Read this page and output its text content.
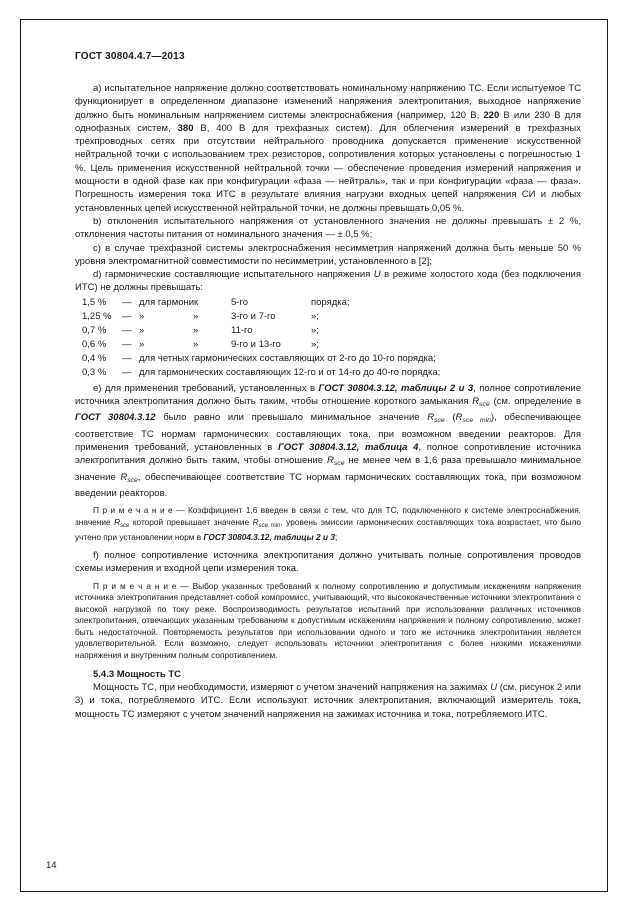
ГОСТ 30804.4.7—2013

а) испытательное напряжение должно соответствовать номинальному напряжению ТС. Если испытуемое ТС функционирует в определенном диапазоне изменений напряжения электропитания, выходное напряжение должно быть номинальным напряжением системы электроснабжения (например, 120 В, 220 В или 230 В для однофазных систем, 380 В, 400 В для трехфазных систем). Для облегчения измерений в трехфазных трехпроводных сетях при отсутствии нейтрального проводника допускается применение искусственной нейтральной точки с использованием трех резисторов, сопротивления которых установлены с погрешностью 1 %. Цель применения искусственной нейтральной точки — обеспечение проведения измерений напряжения и мощности в одной фазе как при конфигурации «фаза — нейтраль», так и при конфигурации «фаза — фаза». Погрешность измерения тока ИТС в результате влияния нагрузки входных цепей напряжения СИ и любых установленных цепей искусственной нейтральной точки, не должны превышать 0,05 %.

b) отклонения испытательного напряжения от установленного значения не должны превышать ± 2 %, отклонения частоты питания от номинального значения — ± 0,5 %;

с) в случае трехфазной системы электроснабжения несимметрия напряжений должна быть меньше 50 % уровня электромагнитной совместимости по несимметрии, установленного в [2];

d) гармонические составляющие испытательного напряжения U в режиме холостого хода (без подключения ИТС) не должны превышать:

1,5 %	— для гармоник	5-го	порядка;
1,25 %	— »	»	3-го и 7-го	»;
0,7 %	— »	»	11-го	»;
0,6 %	— »	»	9-го и 13-го	»;
0,4 %	— для четных гармонических составляющих от 2-го до 10-го порядка;
0,3 %	— для гармонических составляющих 12-го и от 14-го до 40-го порядка;

е) для применения требований, установленных в ГОСТ 30804.3.12, таблицы 2 и 3, полное сопротивление источника электропитания должно быть таким, чтобы отношение короткого замыкания $R_{sce}$ (см. определение в ГОСТ 30804.3.12 было равно или превышало минимальное значение $R_{sce}$ $(R_{sce min})$, обеспечивающее соответствие ТС нормам гармонических составляющих тока, при возможном введении реакторов. Для применения требований, установленных в ГОСТ 30804.3.12, таблица 4, полное сопротивление источника электропитания должно быть таким, чтобы отношение $R_{sce}$ не менее чем в 1,6 раза превышало минимальное значение $R_{sce}$, обеспечивающее соответствие ТС нормам гармонических составляющих тока, при возможном введении реакторов.

П р и м е ч а н и е — Коэффициент 1,6 введен в связи с тем, что для ТС, подключенного к системе электроснабжения, значение $R_{sce}$ которой превышает значение $R_{sce min}$, уровень эмиссии гармонических составляющих тока возрастает, что было учтено при установлении норм в ГОСТ 30804.3.12, таблицы 2 и 3;

f) полное сопротивление источника электропитания должно учитывать полные сопротивления проводов схемы измерения и входной цепи измерения тока.

П р и м е ч а н и е — Выбор указанных требований к полному сопротивлению и допустимым искажениям напряжения источника электропитания представляет собой компромисс, учитывающий, что высококачественные источники электропитания с высокой нагрузкой по току реже. Воспроизводимость результатов испытаний при использовании различных источников электропитания, отвечающих указанным требованиям к допустимым искажениям напряжения и полному сопротивлению, может быть недостаточной. Повторяемость результатов при использовании одного и того же источника электропитания является удовлетворительной. Если возможно, следует использовать источники электропитания с более низкими искажениями напряжения и внутренним полным сопротивлением.

5.4.3 Мощность ТС

Мощность ТС, при необходимости, измеряют с учетом значений напряжения на зажимах U (см. рисунок 2 или 3) и тока, потребляемого ИТС. Если используют источник электропитания, включающий измеритель тока, мощность ТС измеряют с учетом значений напряжения на зажимах источника и тока, потребляемого ИТС.

14
